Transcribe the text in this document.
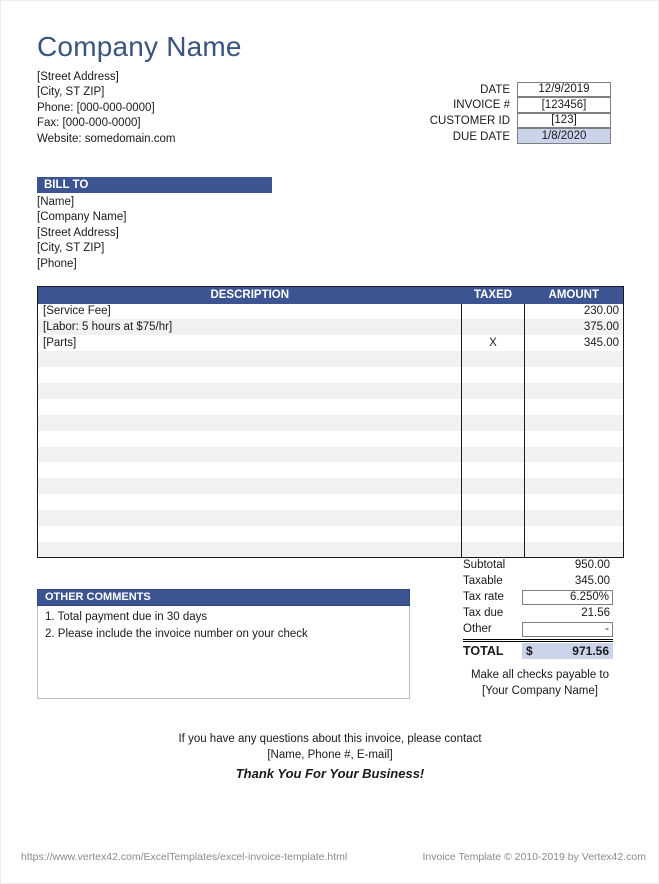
Company Name
[Street Address]
[City, ST ZIP]
Phone: [000-000-0000]
Fax: [000-000-0000]
Website: somedomain.com
DATE	12/9/2019
INVOICE #	[123456]
CUSTOMER ID	[123]
DUE DATE	1/8/2020
BILL TO
[Name]
[Company Name]
[Street Address]
[City, ST ZIP]
[Phone]
DESCRIPTION	TAXED	AMOUNT
[Service Fee]		230.00
[Labor: 5 hours at $75/hr]		375.00
[Parts]	X	345.00

Subtotal	950.00
Taxable	345.00
Tax rate	6.250%
Tax due	21.56
Other	-
TOTAL	$	971.56
OTHER COMMENTS
1. Total payment due in 30 days
2. Please include the invoice number on your check
Make all checks payable to
[Your Company Name]
If you have any questions about this invoice, please contact
[Name, Phone #, E-mail]
Thank You For Your Business!
https://www.vertex42.com/ExcelTemplates/excel-invoice-template.html	Invoice Template © 2010-2019 by Vertex42.com
